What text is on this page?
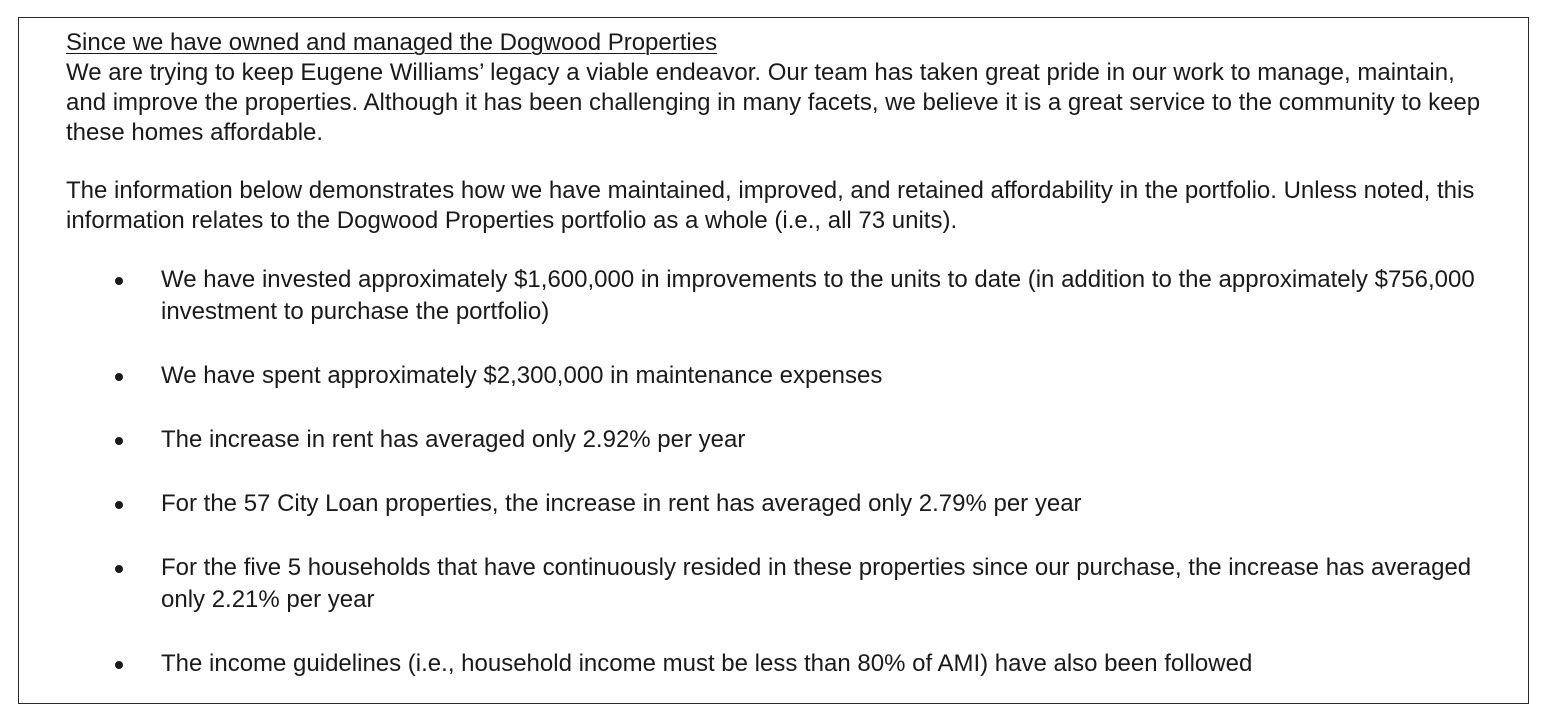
Since we have owned and managed the Dogwood Properties

We are trying to keep Eugene Williams’ legacy a viable endeavor. Our team has taken great pride in our work to manage, maintain, and improve the properties. Although it has been challenging in many facets, we believe it is a great service to the community to keep these homes affordable.

The information below demonstrates how we have maintained, improved, and retained affordability in the portfolio. Unless noted, this information relates to the Dogwood Properties portfolio as a whole (i.e., all 73 units).

We have invested approximately $1,600,000 in improvements to the units to date (in addition to the approximately $756,000 investment to purchase the portfolio)
We have spent approximately $2,300,000 in maintenance expenses
The increase in rent has averaged only 2.92% per year
For the 57 City Loan properties, the increase in rent has averaged only 2.79% per year
For the five 5 households that have continuously resided in these properties since our purchase, the increase has averaged only 2.21% per year
The income guidelines (i.e., household income must be less than 80% of AMI) have also been followed
